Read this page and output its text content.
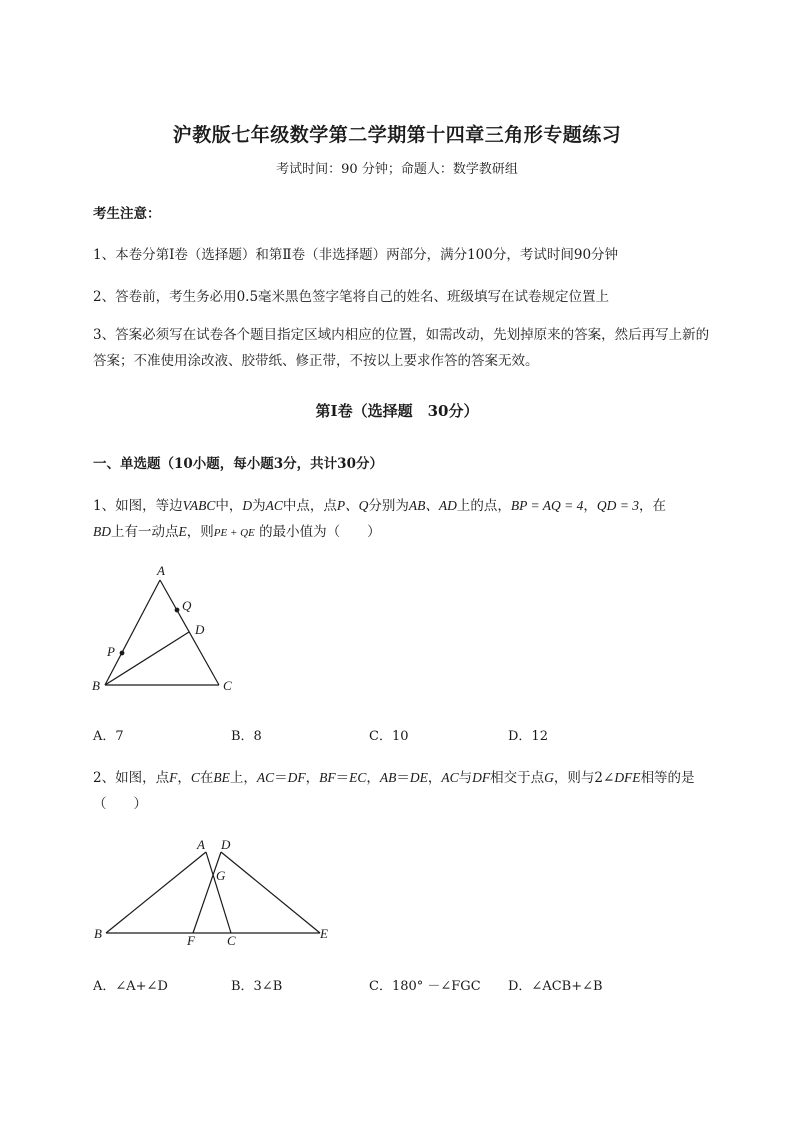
沪教版七年级数学第二学期第十四章三角形专题练习
考试时间：90 分钟；命题人：数学教研组
考生注意：
1、本卷分第I卷（选择题）和第Ⅱ卷（非选择题）两部分，满分100分，考试时间90分钟
2、答卷前，考生务必用0.5毫米黑色签字笔将自己的姓名、班级填写在试卷规定位置上
3、答案必须写在试卷各个题目指定区域内相应的位置，如需改动，先划掉原来的答案，然后再写上新的答案；不准使用涂改液、胶带纸、修正带，不按以上要求作答的答案无效。
第I卷（选择题　30分）
一、单选题（10小题，每小题3分，共计30分）
1、如图，等边VABC中，D为AC中点，点P、Q分别为AB、AD上的点，BP = AQ = 4，QD = 3，在
BD上有一动点E，则PE + QE 的最小值为（　　）
A
Q
D
P
B	C
A．7	B．8	C．10	D．12
2、如图，点F，C在BE上，AC＝DF，BF＝EC，AB＝DE，AC与DF相交于点G，则与2∠DFE相等的是
（　　）
A D
G
B	F C	E
A．∠A+∠D	B．3∠B	C．180° －∠FGC D．∠ACB+∠B
